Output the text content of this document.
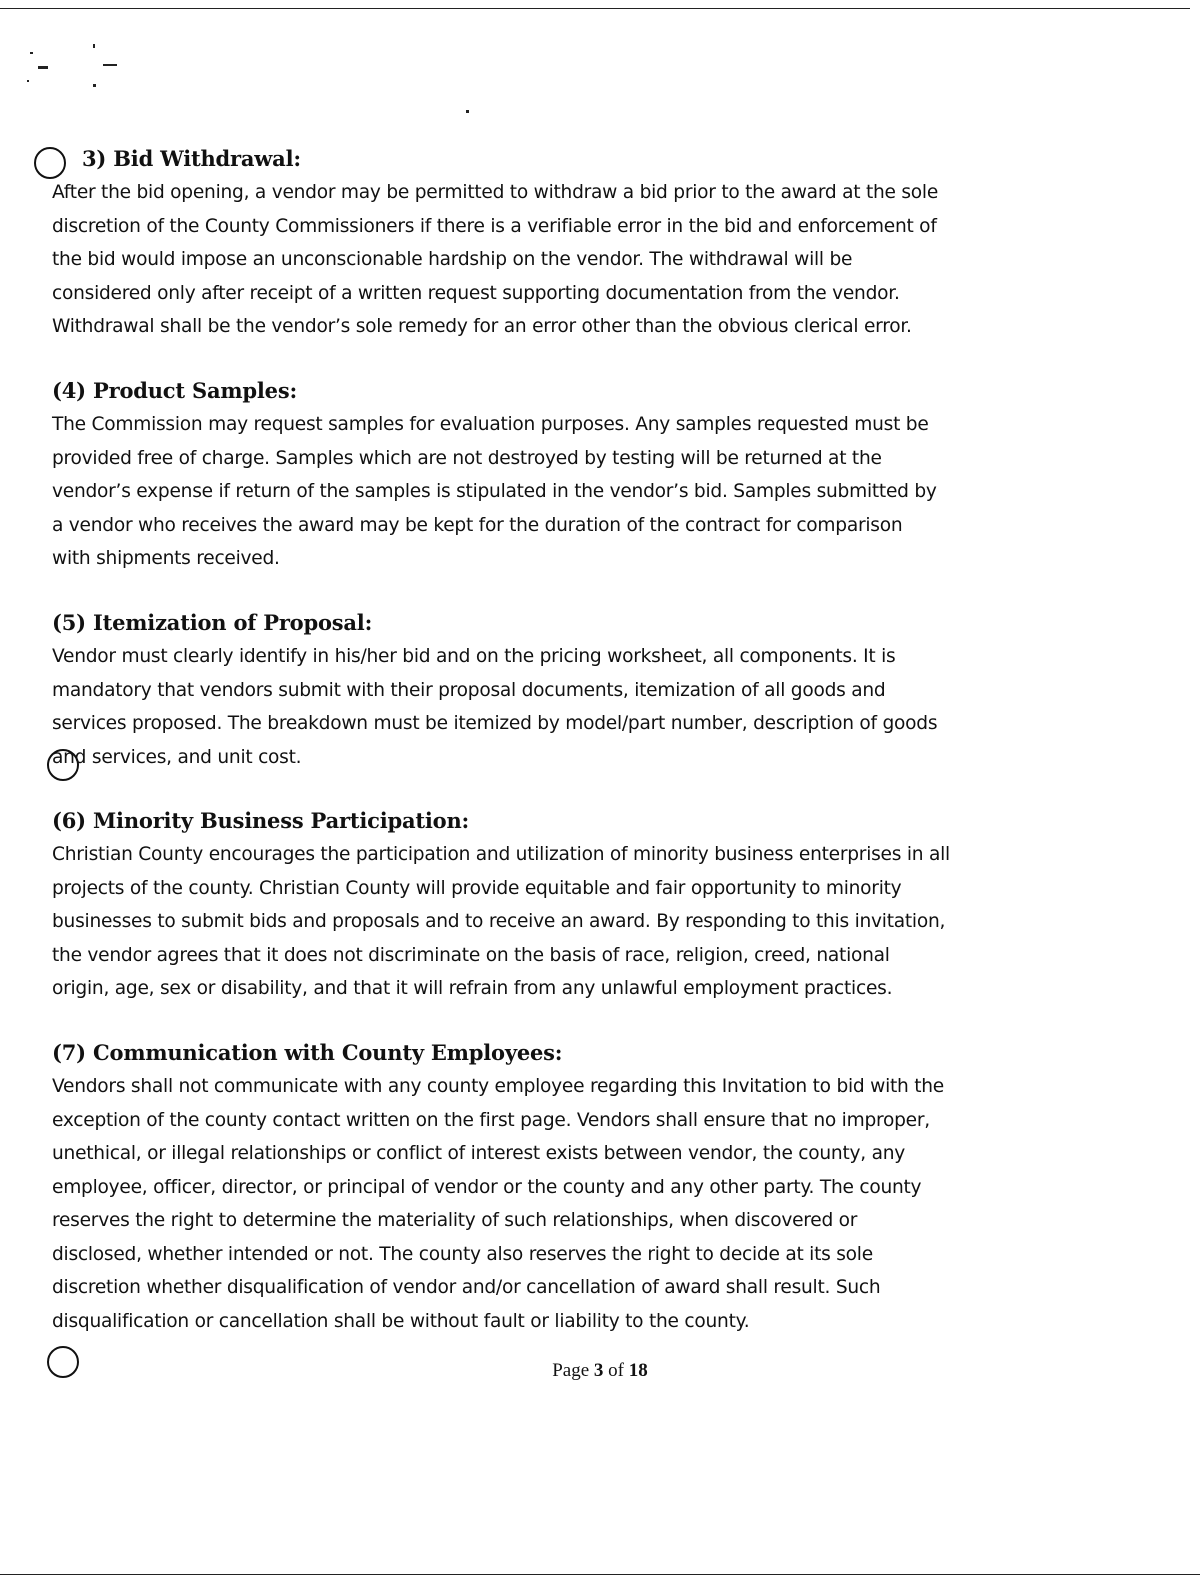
3) Bid Withdrawal:

After the bid opening, a vendor may be permitted to withdraw a bid prior to the award at the sole
discretion of the County Commissioners if there is a verifiable error in the bid and enforcement of
the bid would impose an unconscionable hardship on the vendor. The withdrawal will be
considered only after receipt of a written request supporting documentation from the vendor.
Withdrawal shall be the vendor’s sole remedy for an error other than the obvious clerical error.

(4) Product Samples:

The Commission may request samples for evaluation purposes. Any samples requested must be
provided free of charge. Samples which are not destroyed by testing will be returned at the
vendor’s expense if return of the samples is stipulated in the vendor’s bid. Samples submitted by
a vendor who receives the award may be kept for the duration of the contract for comparison
with shipments received.

(5) Itemization of Proposal:

Vendor must clearly identify in his/her bid and on the pricing worksheet, all components. It is
mandatory that vendors submit with their proposal documents, itemization of all goods and
services proposed. The breakdown must be itemized by model/part number, description of goods
and services, and unit cost.

(6) Minority Business Participation:

Christian County encourages the participation and utilization of minority business enterprises in all
projects of the county. Christian County will provide equitable and fair opportunity to minority
businesses to submit bids and proposals and to receive an award. By responding to this invitation,
the vendor agrees that it does not discriminate on the basis of race, religion, creed, national
origin, age, sex or disability, and that it will refrain from any unlawful employment practices.

(7) Communication with County Employees:

Vendors shall not communicate with any county employee regarding this Invitation to bid with the
exception of the county contact written on the first page. Vendors shall ensure that no improper,
unethical, or illegal relationships or conflict of interest exists between vendor, the county, any
employee, officer, director, or principal of vendor or the county and any other party. The county
reserves the right to determine the materiality of such relationships, when discovered or
disclosed, whether intended or not. The county also reserves the right to decide at its sole
discretion whether disqualification of vendor and/or cancellation of award shall result. Such
disqualification or cancellation shall be without fault or liability to the county.

Page 3 of 18
